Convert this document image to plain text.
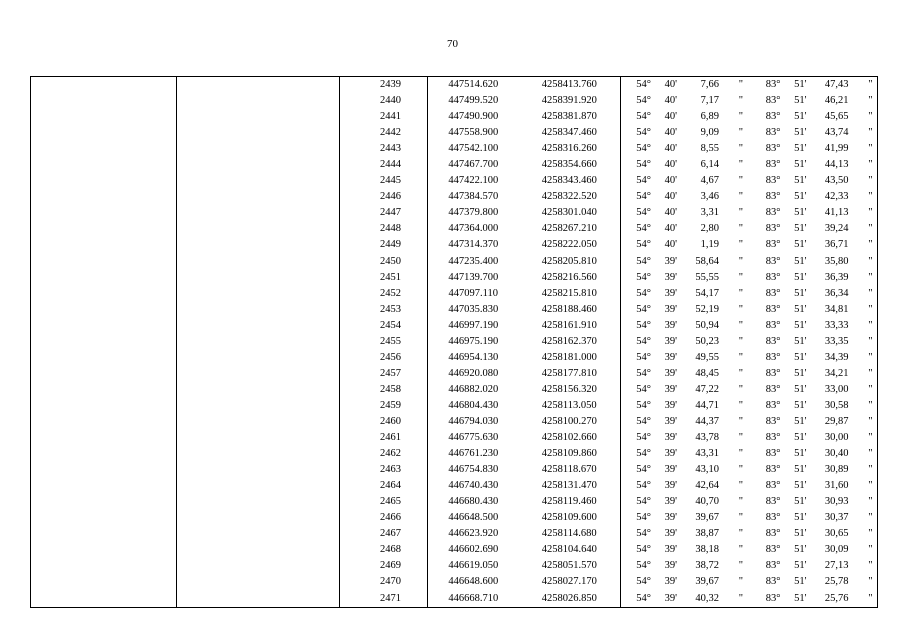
70
		2439	447514.620	4258413.760	54° 40' 7,66 "	83° 51' 47,43 "

		2440	447499.520	4258391.920	54° 40' 7,17 "	83° 51' 46,21 "

		2441	447490.900	4258381.870	54° 40' 6,89 "	83° 51' 45,65 "

		2442	447558.900	4258347.460	54° 40' 9,09 "	83° 51' 43,74 "

		2443	447542.100	4258316.260	54° 40' 8,55 "	83° 51' 41,99 "

		2444	447467.700	4258354.660	54° 40' 6,14 "	83° 51' 44,13 "

		2445	447422.100	4258343.460	54° 40' 4,67 "	83° 51' 43,50 "

		2446	447384.570	4258322.520	54° 40' 3,46 "	83° 51' 42,33 "

		2447	447379.800	4258301.040	54° 40' 3,31 "	83° 51' 41,13 "

		2448	447364.000	4258267.210	54° 40' 2,80 "	83° 51' 39,24 "

		2449	447314.370	4258222.050	54° 40' 1,19 "	83° 51' 36,71 "

		2450	447235.400	4258205.810	54° 39' 58,64 "	83° 51' 35,80 "

		2451	447139.700	4258216.560	54° 39' 55,55 "	83° 51' 36,39 "

		2452	447097.110	4258215.810	54° 39' 54,17 "	83° 51' 36,34 "

		2453	447035.830	4258188.460	54° 39' 52,19 "	83° 51' 34,81 "

		2454	446997.190	4258161.910	54° 39' 50,94 "	83° 51' 33,33 "

		2455	446975.190	4258162.370	54° 39' 50,23 "	83° 51' 33,35 "

		2456	446954.130	4258181.000	54° 39' 49,55 "	83° 51' 34,39 "

		2457	446920.080	4258177.810	54° 39' 48,45 "	83° 51' 34,21 "

		2458	446882.020	4258156.320	54° 39' 47,22 "	83° 51' 33,00 "

		2459	446804.430	4258113.050	54° 39' 44,71 "	83° 51' 30,58 "

		2460	446794.030	4258100.270	54° 39' 44,37 "	83° 51' 29,87 "

		2461	446775.630	4258102.660	54° 39' 43,78 "	83° 51' 30,00 "

		2462	446761.230	4258109.860	54° 39' 43,31 "	83° 51' 30,40 "

		2463	446754.830	4258118.670	54° 39' 43,10 "	83° 51' 30,89 "

		2464	446740.430	4258131.470	54° 39' 42,64 "	83° 51' 31,60 "

		2465	446680.430	4258119.460	54° 39' 40,70 "	83° 51' 30,93 "

		2466	446648.500	4258109.600	54° 39' 39,67 "	83° 51' 30,37 "

		2467	446623.920	4258114.680	54° 39' 38,87 "	83° 51' 30,65 "

		2468	446602.690	4258104.640	54° 39' 38,18 "	83° 51' 30,09 "

		2469	446619.050	4258051.570	54° 39' 38,72 "	83° 51' 27,13 "

		2470	446648.600	4258027.170	54° 39' 39,67 "	83° 51' 25,78 "

		2471	446668.710	4258026.850	54° 39' 40,32 "	83° 51' 25,76 "
